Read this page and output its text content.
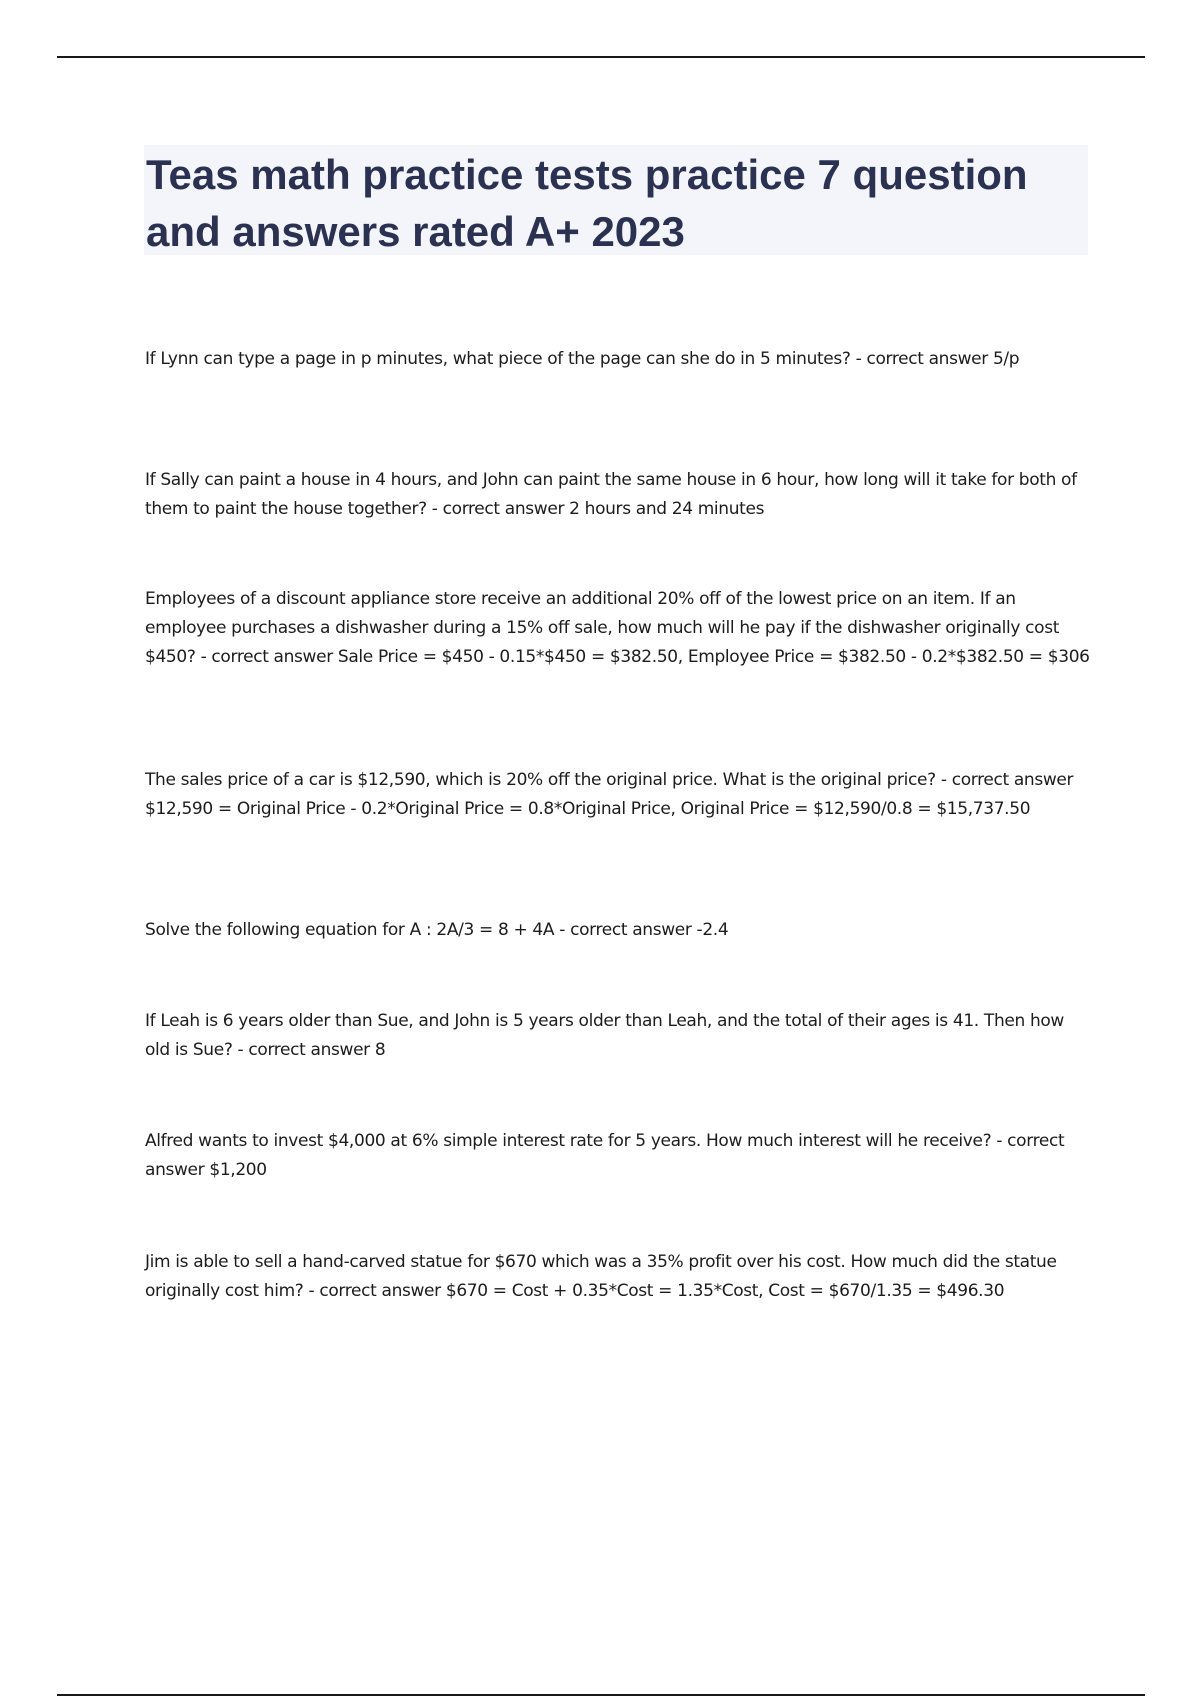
Teas math practice tests practice 7 question and answers rated A+ 2023

If Lynn can type a page in p minutes, what piece of the page can she do in 5 minutes? - correct answer 5/p

If Sally can paint a house in 4 hours, and John can paint the same house in 6 hour, how long will it take for both of them to paint the house together? - correct answer 2 hours and 24 minutes

Employees of a discount appliance store receive an additional 20% off of the lowest price on an item. If an employee purchases a dishwasher during a 15% off sale, how much will he pay if the dishwasher originally cost $450? - correct answer Sale Price = $450 - 0.15*$450 = $382.50, Employee Price = $382.50 - 0.2*$382.50 = $306

The sales price of a car is $12,590, which is 20% off the original price. What is the original price? - correct answer $12,590 = Original Price - 0.2*Original Price = 0.8*Original Price, Original Price = $12,590/0.8 = $15,737.50

Solve the following equation for A : 2A/3 = 8 + 4A - correct answer -2.4

If Leah is 6 years older than Sue, and John is 5 years older than Leah, and the total of their ages is 41. Then how old is Sue? - correct answer 8

Alfred wants to invest $4,000 at 6% simple interest rate for 5 years. How much interest will he receive? - correct answer $1,200

Jim is able to sell a hand-carved statue for $670 which was a 35% profit over his cost. How much did the statue originally cost him? - correct answer $670 = Cost + 0.35*Cost = 1.35*Cost, Cost = $670/1.35 = $496.30
